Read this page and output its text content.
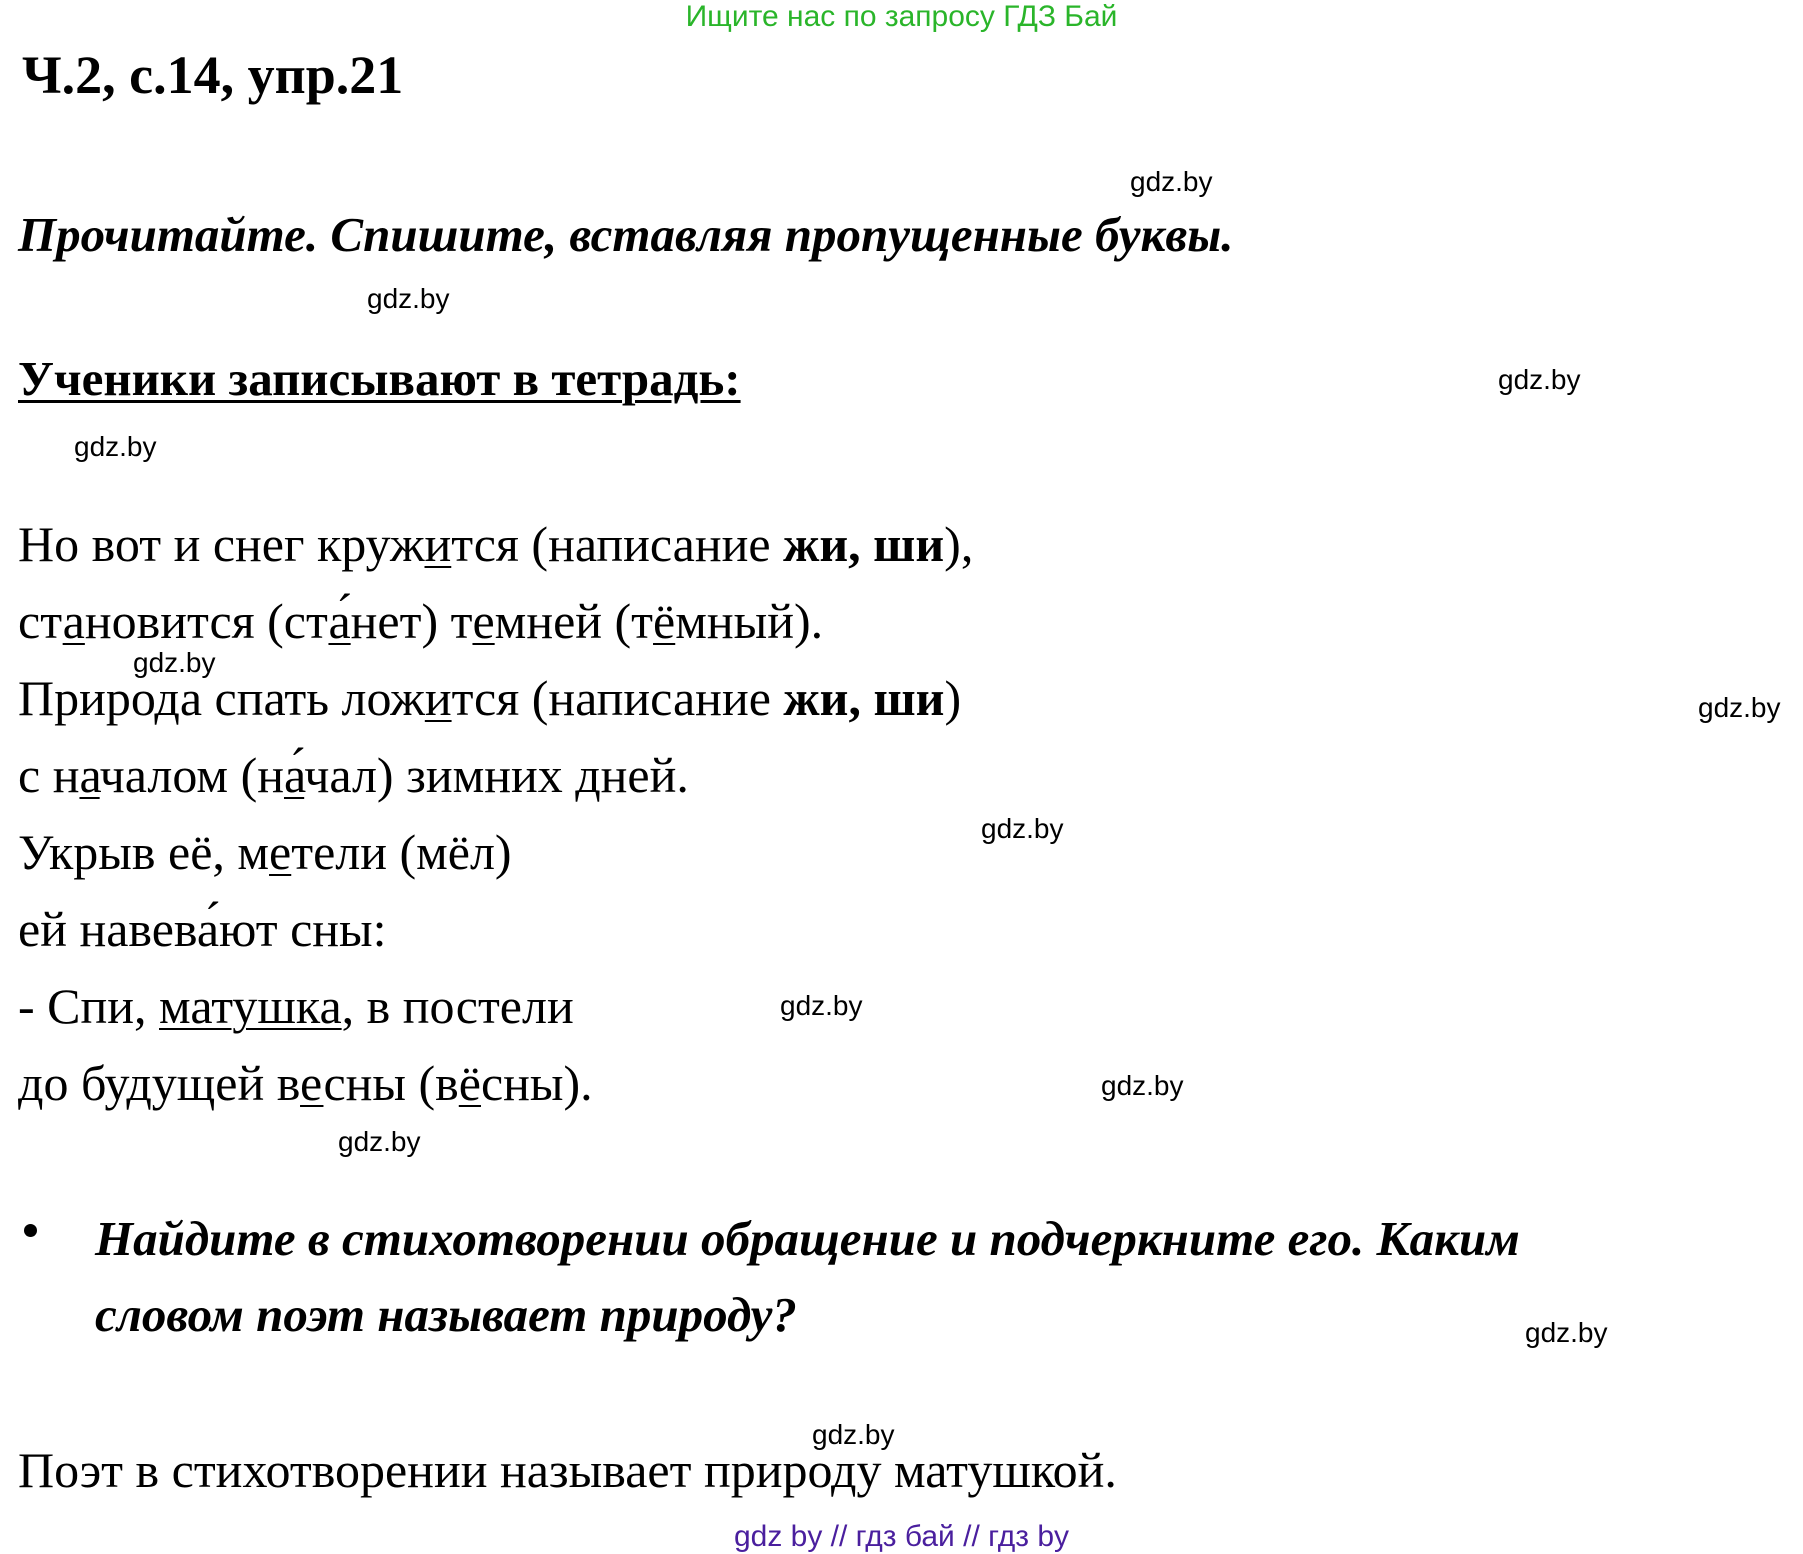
Ищите нас по запросу ГДЗ Бай
Ч.2, с.14, упр.21
gdz.by
Прочитайте. Спишите, вставляя пропущенные буквы.
gdz.by
Ученики записывают в тетрадь:	gdz.by
gdz.by
Но вот и снег кружится (написание жи, ши),
становится (ста́нет) темней (тёмный).
gdz.by
Природа спать ложится (написание жи, ши)	gdz.by
с началом (на́чал) зимних дней.
gdz.by
Укрыв её, метели (мёл)
ей навева́ют сны:
- Спи, матушка, в постели	gdz.by
до будущей весны (вёсны).	gdz.by
gdz.by
Найдите в стихотворении обращение и подчеркните его. Каким
словом поэт называет природу?	gdz.by
gdz.by
Поэт в стихотворении называет природу матушкой.
gdz by // гдз бай // гдз by
